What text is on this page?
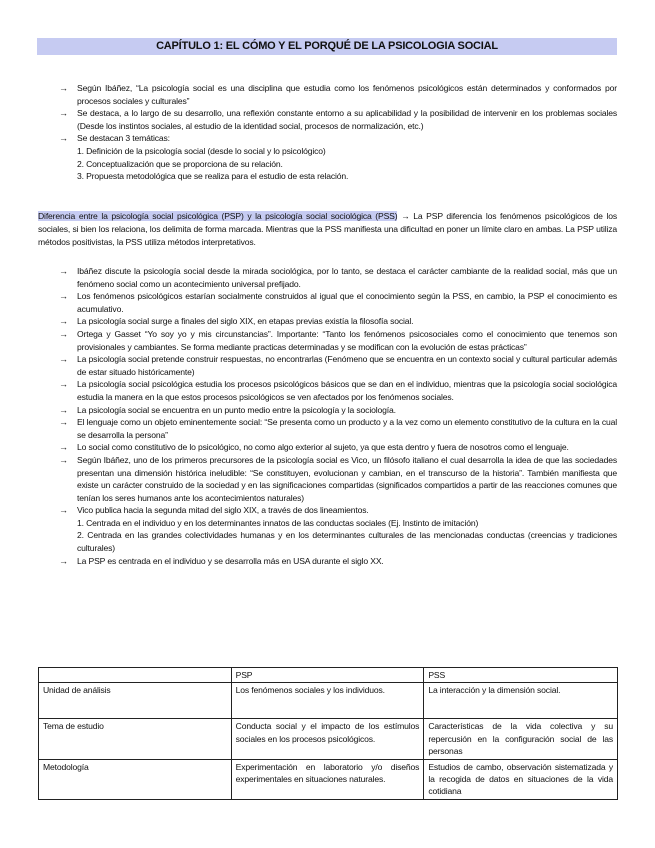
CAPÍTULO 1: EL CÓMO Y EL PORQUÉ DE LA PSICOLOGIA SOCIAL
→ Según Ibáñez, “La psicología social es una disciplina que estudia como los fenómenos psicológicos están determinados y conformados por procesos sociales y culturales”
→ Se destaca, a lo largo de su desarrollo, una reflexión constante entorno a su aplicabilidad y la posibilidad de intervenir en los problemas sociales (Desde los instintos sociales, al estudio de la identidad social, procesos de normalización, etc.)
→ Se destacan 3 temáticas:
1. Definición de la psicología social (desde lo social y lo psicológico)
2. Conceptualización que se proporciona de su relación.
3. Propuesta metodológica que se realiza para el estudio de esta relación.
Diferencia entre la psicología social psicológica (PSP) y la psicología social sociológica (PSS) → La PSP diferencia los fenómenos psicológicos de los sociales, si bien los relaciona, los delimita de forma marcada. Mientras que la PSS manifiesta una dificultad en poner un límite claro en ambas. La PSP utiliza métodos positivistas, la PSS utiliza métodos interpretativos.
→ Ibáñez discute la psicología social desde la mirada sociológica, por lo tanto, se destaca el carácter cambiante de la realidad social, más que un fenómeno social como un acontecimiento universal prefijado.
→ Los fenómenos psicológicos estarían socialmente construidos al igual que el conocimiento según la PSS, en cambio, la PSP el conocimiento es acumulativo.
→ La psicología social surge a finales del siglo XIX, en etapas previas existía la filosofía social.
→ Ortega y Gasset “Yo soy yo y mis circunstancias”. Importante: “Tanto los fenómenos psicosociales como el conocimiento que tenemos son provisionales y cambiantes. Se forma mediante practicas determinadas y se modifican con la evolución de estas prácticas”
→ La psicología social pretende construir respuestas, no encontrarlas (Fenómeno que se encuentra en un contexto social y cultural particular además de estar situado históricamente)
→ La psicología social psicológica estudia los procesos psicológicos básicos que se dan en el individuo, mientras que la psicología social sociológica estudia la manera en la que estos procesos psicológicos se ven afectados por los fenómenos sociales.
→ La psicología social se encuentra en un punto medio entre la psicología y la sociología.
→ El lenguaje como un objeto eminentemente social: “Se presenta como un producto y a la vez como un elemento constitutivo de la cultura en la cual se desarrolla la persona”
→ Lo social como constitutivo de lo psicológico, no como algo exterior al sujeto, ya que esta dentro y fuera de nosotros como el lenguaje.
→ Según Ibáñez, uno de los primeros precursores de la psicología social es Vico, un filósofo italiano el cual desarrolla la idea de que las sociedades presentan una dimensión histórica ineludible: “Se constituyen, evolucionan y cambian, en el transcurso de la historia”. También manifiesta que existe un carácter construido de la sociedad y en las significaciones compartidas (significados compartidos a partir de las reacciones comunes que tenían los seres humanos ante los acontecimientos naturales)
→ Vico publica hacia la segunda mitad del siglo XIX, a través de dos lineamientos.
1. Centrada en el individuo y en los determinantes innatos de las conductas sociales (Ej. Instinto de imitación)
2. Centrada en las grandes colectividades humanas y en los determinantes culturales de las mencionadas conductas (creencias y tradiciones culturales)
→ La PSP es centrada en el individuo y se desarrolla más en USA durante el siglo XX.
	PSP	PSS
Unidad de análisis	Los fenómenos sociales y los individuos.	La interacción y la dimensión social.
Tema de estudio	Conducta social y el impacto de los estímulos sociales en los procesos psicológicos.	Características de la vida colectiva y su repercusión en la configuración social de las personas
Metodología	Experimentación en laboratorio y/o diseños experimentales en situaciones naturales.	Estudios de cambo, observación sistematizada y la recogida de datos en situaciones de la vida cotidiana
